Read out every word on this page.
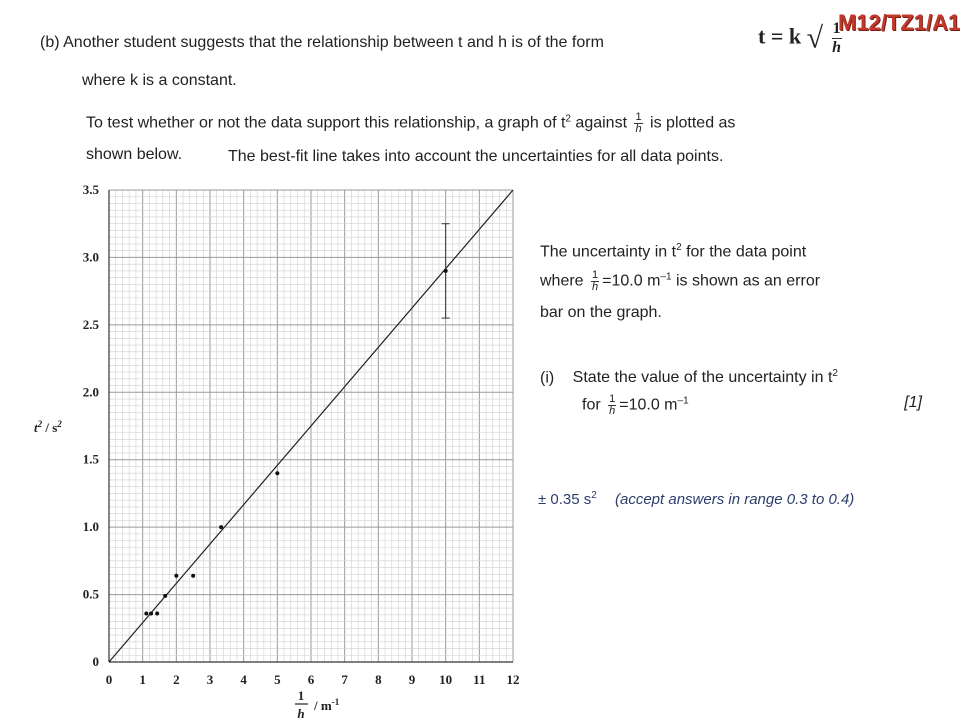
M12/TZ1/A1
(b) Another student suggests that the relationship between t and h is of the form	t = k √ $\frac{1}{h}$
where k is a constant.
To test whether or not the data support this relationship, a graph of $t^2$ against $\frac{1}{h}$ is plotted as
shown below.	The best-fit line takes into account the uncertainties for all data points.
The uncertainty in $t^2$ for the data point
where $\frac{1}{h} =10.0$ $m^{-1}$ is shown as an error
bar on the graph.
(i) State the value of the uncertainty in $t^2$
for $\frac{1}{h} =10.0$ $m^{-1}$	[1]
± 0.35 $s^2$ (accept answers in range 0.3 to 0.4)
0 1 2 3 4 5 6 7 8 9 10 11 12
0
0.5
1.0
1.5
2.0
2.5
3.0
3.5
$t^2 / s^2$
1
h
/ $m^{-1}$
